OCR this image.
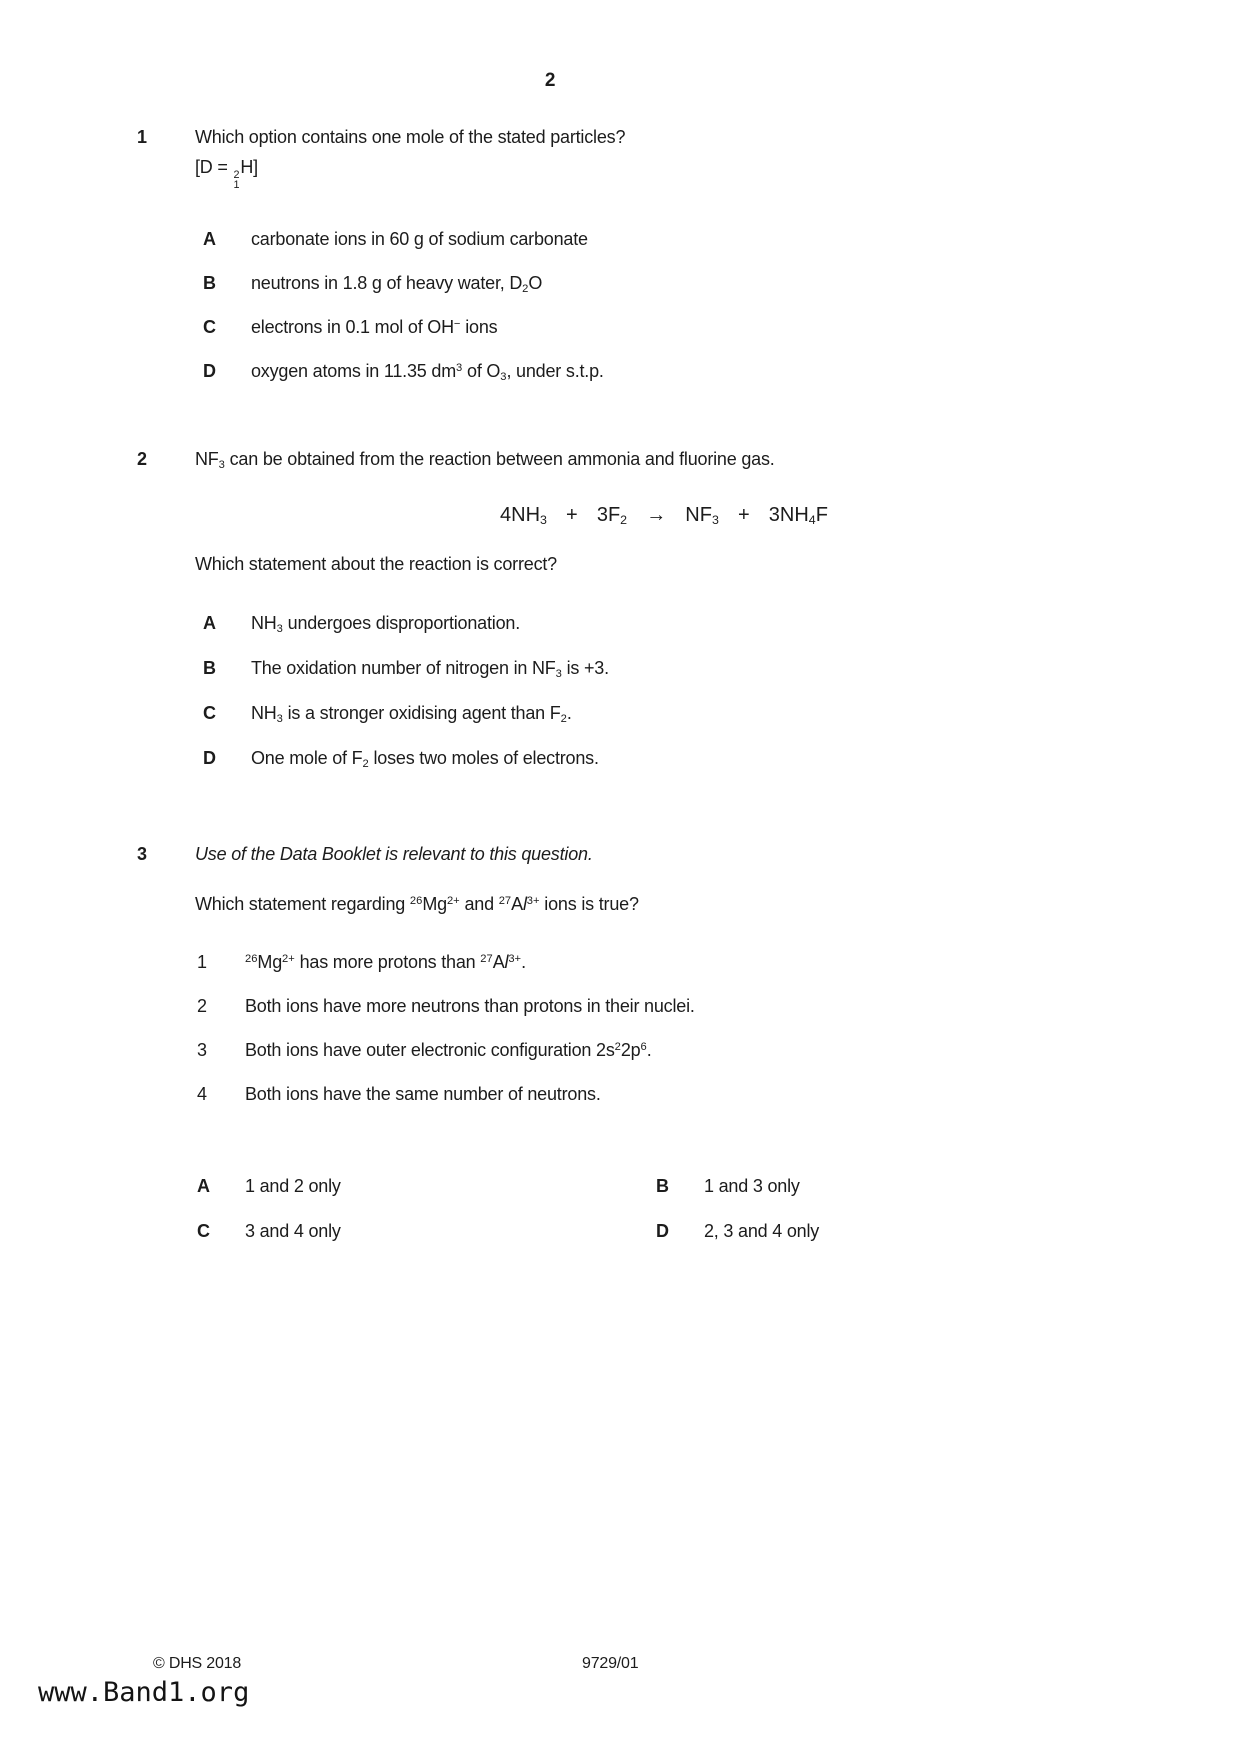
2
1	Which option contains one mole of the stated particles?
[D = 2
1
H]
A	carbonate ions in 60 g of sodium carbonate
B	neutrons in 1.8 g of heavy water, $D_2O$
C	electrons in 0.1 mol of OH− ions
D	oxygen atoms in 11.35 $dm^3$ of $O_3$, under s.t.p.
2	$NF_3$ can be obtained from the reaction between ammonia and fluorine gas.
$4NH_3 + 3F_2 \to NF_3 + 3NH_4F$
Which statement about the reaction is correct?
A	$NH_3$ undergoes disproportionation.
B	The oxidation number of nitrogen in $NF_3$ is +3.
C	$NH_3$ is a stronger oxidising agent than $F_2$.
D	One mole of $F_2$ loses two moles of electrons.
3	Use of the Data Booklet is relevant to this question.
Which statement regarding $^{26}Mg^{2+}$ and $^{27}Al^{3+}$ ions is true?
1	$^{26}Mg^{2+}$ has more protons than $^{27}Al^{3+}$.
2	Both ions have more neutrons than protons in their nuclei.
3	Both ions have outer electronic configuration $2s^22p^6$.
4	Both ions have the same number of neutrons.
A	1 and 2 only	B	1 and 3 only
C	3 and 4 only	D	2, 3 and 4 only
© DHS 2018	9729/01
www.Band1.org
